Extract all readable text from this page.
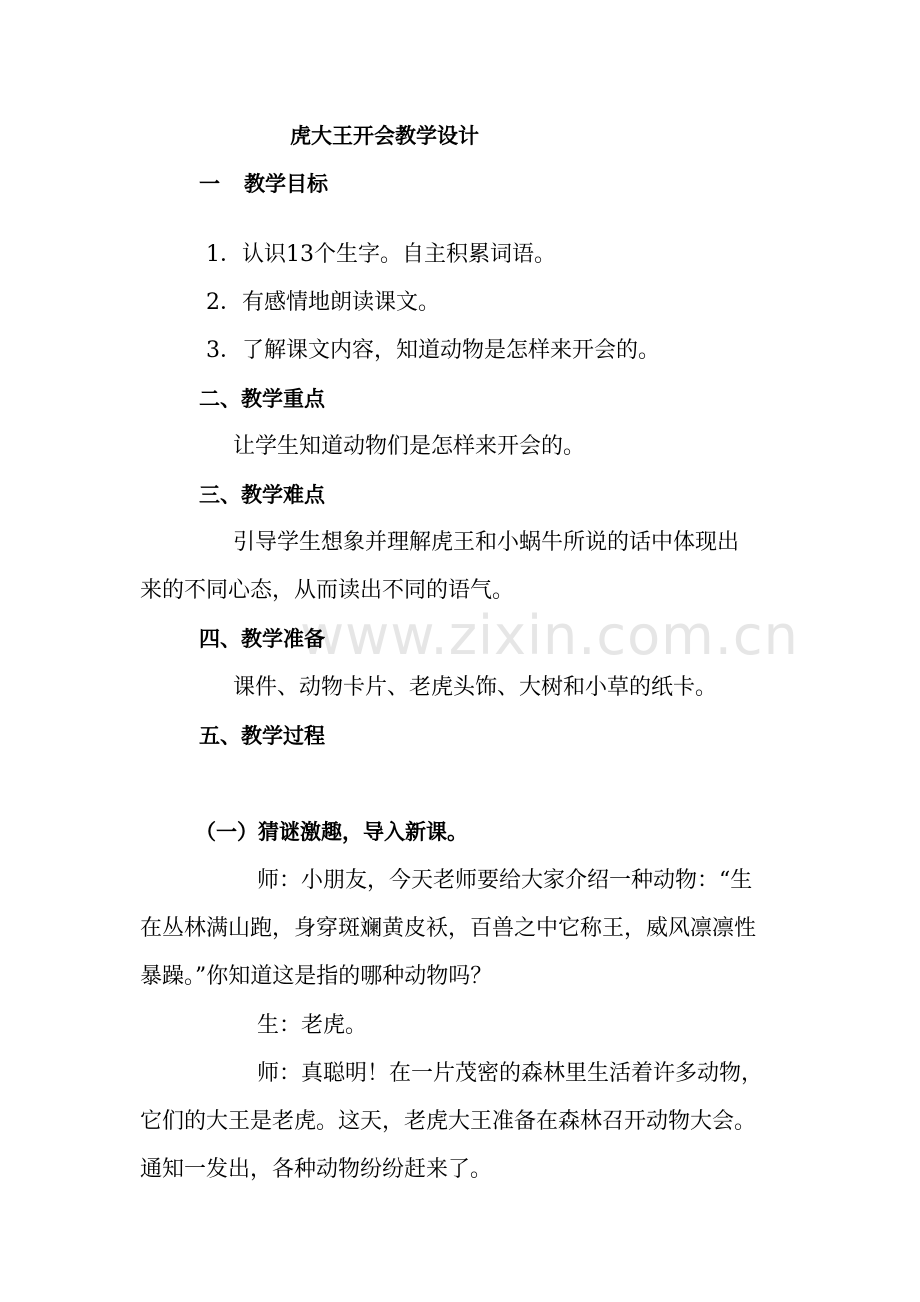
www.zixin.com.cn
虎大王开会教学设计
一 教学目标
1．认识13个生字。自主积累词语。
2．有感情地朗读课文。
3．了解课文内容，知道动物是怎样来开会的。
二、教学重点
让学生知道动物们是怎样来开会的。
三、教学难点
引导学生想象并理解虎王和小蜗牛所说的话中体现出
来的不同心态，从而读出不同的语气。
四、教学准备
课件、动物卡片、老虎头饰、大树和小草的纸卡。
五、教学过程
（一）猜谜激趣，导入新课。
师：小朋友，今天老师要给大家介绍一种动物：“生
在丛林满山跑，身穿斑斓黄皮袄，百兽之中它称王，威风凛凛性
暴躁。”你知道这是指的哪种动物吗？
生：老虎。
师：真聪明！在一片茂密的森林里生活着许多动物，
它们的大王是老虎。这天，老虎大王准备在森林召开动物大会。
通知一发出，各种动物纷纷赶来了。
